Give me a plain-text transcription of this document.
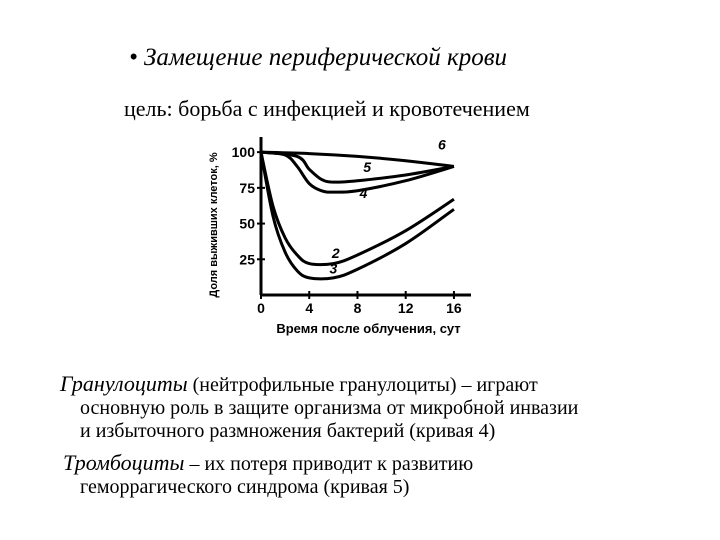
• Замещение периферической крови
цель: борьба с инфекцией и кровотечением
25
50
75
100
0	4	8	12 16
2
3
4
5
6
Доля выживших клеток, %
Время после облучения, сут
Гранулоциты (нейтрофильные гранулоциты) – играют
основную роль в защите организма от микробной инвазии
и избыточного размножения бактерий (кривая 4)
Тромбоциты – их потеря приводит к развитию
геморрагического синдрома (кривая 5)
